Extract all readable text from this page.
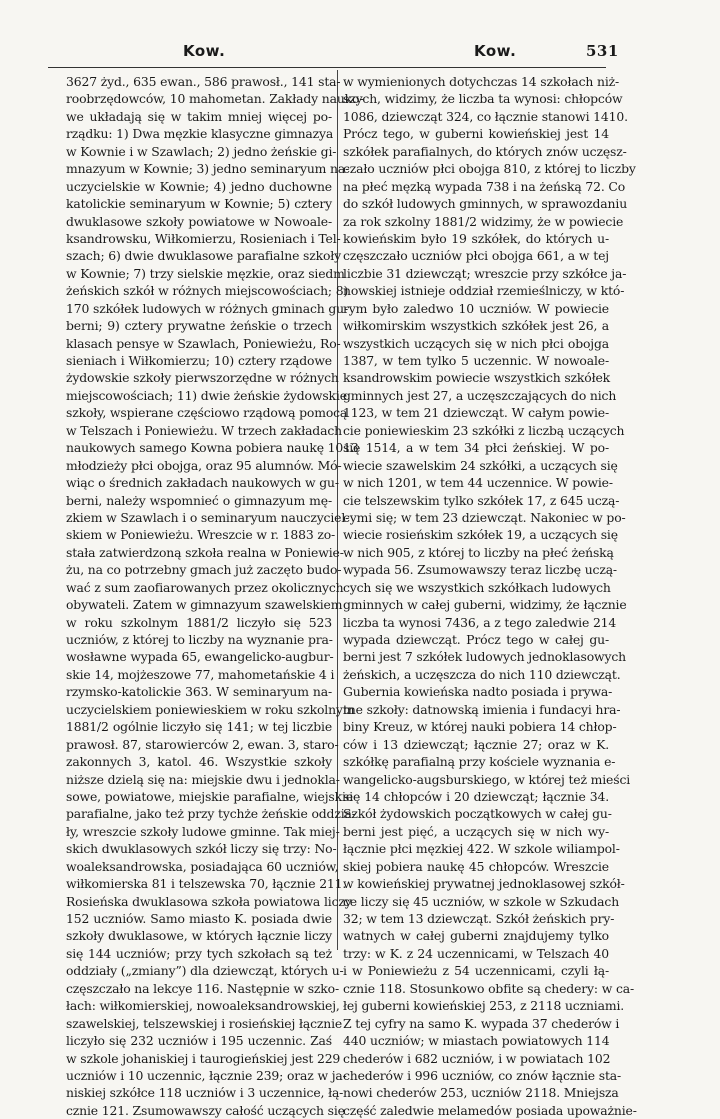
Kow.	Kow.	531
3627 żyd., 635 ewan., 586 prawosł., 141 sta-
roobrzędowców, 10 mahometan. Zakłady nauko-
we układają się w takim mniej więcej po-
rządku: 1) Dwa męzkie klasyczne gimnazya
w Kownie i w Szawlach; 2) jedno żeńskie gi-
mnazyum w Kownie; 3) jedno seminaryum na-
uczycielskie w Kownie; 4) jedno duchowne
katolickie seminaryum w Kownie; 5) cztery
dwuklasowe szkoły powiatowe w Nowoale-
ksandrowsku, Wiłkomierzu, Rosieniach i Tel-
szach; 6) dwie dwuklasowe parafialne szkoły
w Kownie; 7) trzy sielskie męzkie, oraz siedm
żeńskich szkół w różnych miejscowościach; 8)
170 szkółek ludowych w różnych gminach gu-
berni; 9) cztery prywatne żeńskie o trzech
klasach pensye w Szawlach, Poniewieżu, Ro-
sieniach i Wiłkomierzu; 10) cztery rządowe
żydowskie szkoły pierwszorzędne w różnych
miejscowościach; 11) dwie żeńskie żydowskie
szkoły, wspierane częściowo rządową pomocą
w Telszach i Poniewieżu. W trzech zakładach
naukowych samego Kowna pobiera naukę 1013
młodzieży płci obojga, oraz 95 alumnów. Mó-
wiąc o średnich zakładach naukowych w gu-
berni, należy wspomnieć o gimnazyum mę-
zkiem w Szawlach i o seminaryum nauczyciel-
skiem w Poniewieżu. Wreszcie w r. 1883 zo-
stała zatwierdzoną szkoła realna w Poniewie-
żu, na co potrzebny gmach już zaczęto budo-
wać z sum zaofiarowanych przez okolicznych
obywateli. Zatem w gimnazyum szawelskiem
w roku szkolnym 1881/2 liczyło się 523
uczniów, z której to liczby na wyznanie pra-
wosławne wypada 65, ewangelicko-augbur-
skie 14, mojżeszowe 77, mahometańskie 4 i
rzymsko-katolickie 363. W seminaryum na-
uczycielskiem poniewieskiem w roku szkolnym
1881/2 ogólnie liczyło się 141; w tej liczbie
prawosł. 87, starowierców 2, ewan. 3, staro-
zakonnych 3, katol. 46. Wszystkie szkoły
niższe dzielą się na: miejskie dwu i jednokla-
sowe, powiatowe, miejskie parafialne, wiejskie
parafialne, jako też przy tychże żeńskie oddzia-
ły, wreszcie szkoły ludowe gminne. Tak miej-
skich dwuklasowych szkół liczy się trzy: No-
woaleksandrowska, posiadająca 60 uczniów,
wiłkomierska 81 i telszewska 70, łącznie 211.
Rosieńska dwuklasowa szkoła powiatowa liczy
152 uczniów. Samo miasto K. posiada dwie
szkoły dwuklasowe, w których łącznie liczy
się 144 uczniów; przy tych szkołach są też
oddziały („zmiany”) dla dziewcząt, których u-
częszczało na lekcye 116. Następnie w szko-
łach: wiłkomierskiej, nowoaleksandrowskiej,
szawelskiej, telszewskiej i rosieńskiej łącznie
liczyło się 232 uczniów i 195 uczennic. Zaś
w szkole johaniskiej i taurogieńskiej jest 229
uczniów i 10 uczennic, łącznie 239; oraz w ja-
niskiej szkółce 118 uczniów i 3 uczennice, łą-
cznie 121. Zsumowawszy całość uczących się
w wymienionych dotychczas 14 szkołach niż-
szych, widzimy, że liczba ta wynosi: chłopców
1086, dziewcząt 324, co łącznie stanowi 1410.
Prócz tego, w guberni kowieńskiej jest 14
szkółek parafialnych, do których znów uczęsz-
czało uczniów płci obojga 810, z której to liczby
na płeć męzką wypada 738 i na żeńską 72. Co
do szkół ludowych gminnych, w sprawozdaniu
za rok szkolny 1881/2 widzimy, że w powiecie
kowieńskim było 19 szkółek, do których u-
częszczało uczniów płci obojga 661, a w tej
liczbie 31 dziewcząt; wreszcie przy szkółce ja-
nowskiej istnieje oddział rzemieślniczy, w któ-
rym było zaledwo 10 uczniów. W powiecie
wiłkomirskim wszystkich szkółek jest 26, a
wszystkich uczących się w nich płci obojga
1387, w tem tylko 5 uczennic. W nowoale-
ksandrowskim powiecie wszystkich szkółek
gminnych jest 27, a uczęszczających do nich
1123, w tem 21 dziewcząt. W całym powie-
cie poniewieskim 23 szkółki z liczbą uczących
się 1514, a w tem 34 płci żeńskiej. W po-
wiecie szawelskim 24 szkółki, a uczących się
w nich 1201, w tem 44 uczennice. W powie-
cie telszewskim tylko szkółek 17, z 645 uczą-
cymi się; w tem 23 dziewcząt. Nakoniec w po-
wiecie rosieńskim szkółek 19, a uczących się
w nich 905, z której to liczby na płeć żeńską
wypada 56. Zsumowawszy teraz liczbę uczą-
cych się we wszystkich szkółkach ludowych
gminnych w całej guberni, widzimy, że łącznie
liczba ta wynosi 7436, a z tego zaledwie 214
wypada dziewcząt. Prócz tego w całej gu-
berni jest 7 szkółek ludowych jednoklasowych
żeńskich, a uczęszcza do nich 110 dziewcząt.
Gubernia kowieńska nadto posiada i prywa-
tne szkoły: datnowską imienia i fundacyi hra-
biny Kreuz, w której nauki pobiera 14 chłop-
ców i 13 dziewcząt; łącznie 27; oraz w K.
szkółkę parafialną przy kościele wyznania e-
wangelicko-augsburskiego, w której też mieści
się 14 chłopców i 20 dziewcząt; łącznie 34.
Szkół żydowskich początkowych w całej gu-
berni jest pięć, a uczących się w nich wy-
łącznie płci męzkiej 422. W szkole wiliampol-
skiej pobiera naukę 45 chłopców. Wreszcie
w kowieńskiej prywatnej jednoklasowej szkół-
ce liczy się 45 uczniów, w szkole w Szkudach
32; w tem 13 dziewcząt. Szkół żeńskich pry-
watnych w całej guberni znajdujemy tylko
trzy: w K. z 24 uczennicami, w Telszach 40
i w Poniewieżu z 54 uczennicami, czyli łą-
cznie 118. Stosunkowo obfite są chedery: w ca-
łej guberni kowieńskiej 253, z 2118 uczniami.
Z tej cyfry na samo K. wypada 37 chederów i
440 uczniów; w miastach powiatowych 114
chederów i 682 uczniów, i w powiatach 102
chederów i 996 uczniów, co znów łącznie sta-
nowi chederów 253, uczniów 2118. Mniejsza
część zaledwie melamedów posiada upoważnie-
